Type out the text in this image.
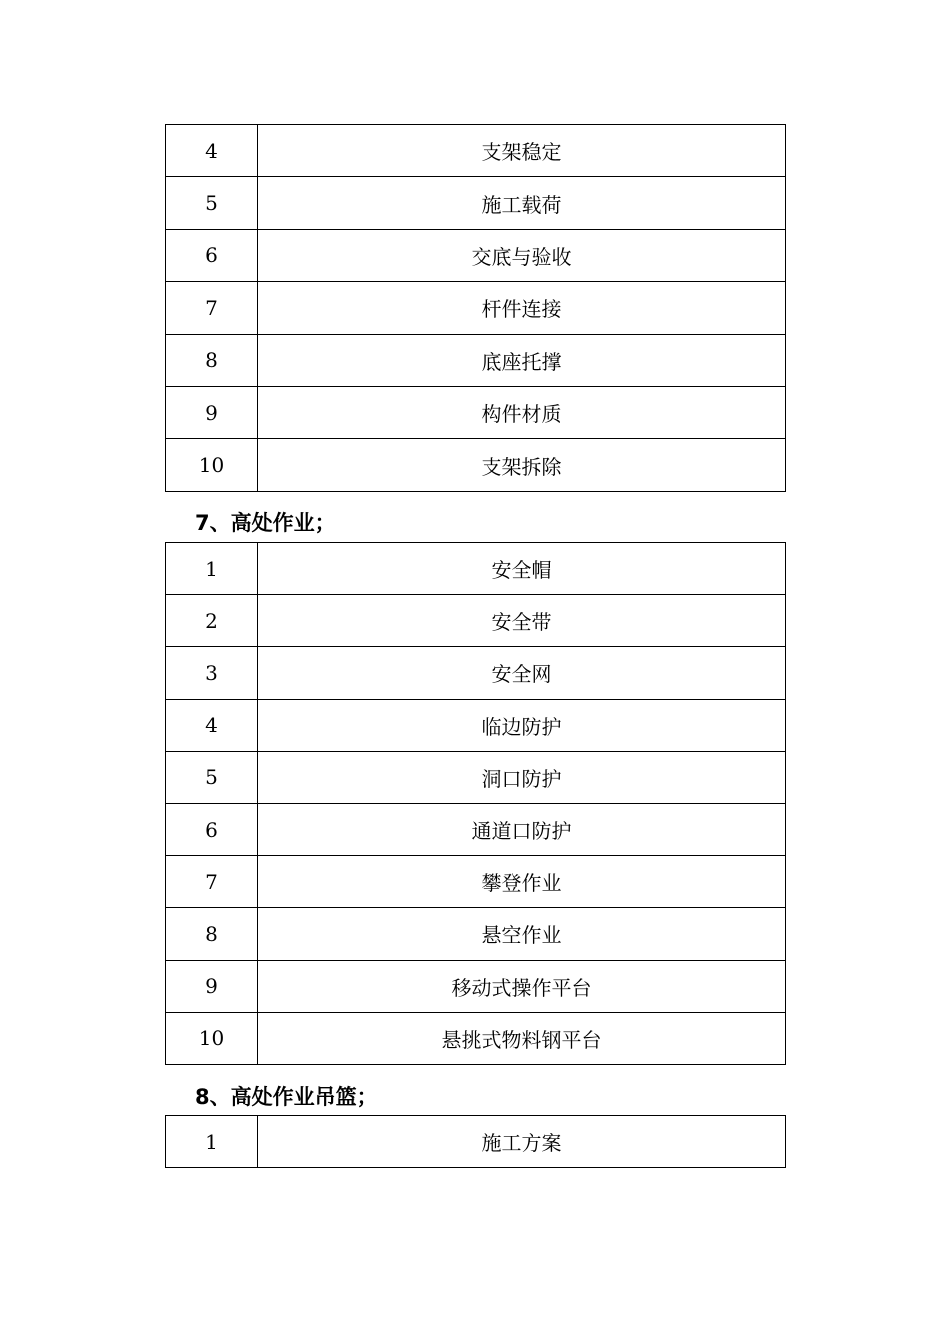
4	支架稳定
5	施工载荷
6	交底与验收
7	杆件连接
8	底座托撑
9	构件材质
10	支架拆除
7、高处作业；
1	安全帽
2	安全带
3	安全网
4	临边防护
5	洞口防护
6	通道口防护
7	攀登作业
8	悬空作业
9	移动式操作平台
10	悬挑式物料钢平台
8、高处作业吊篮；
1	施工方案
